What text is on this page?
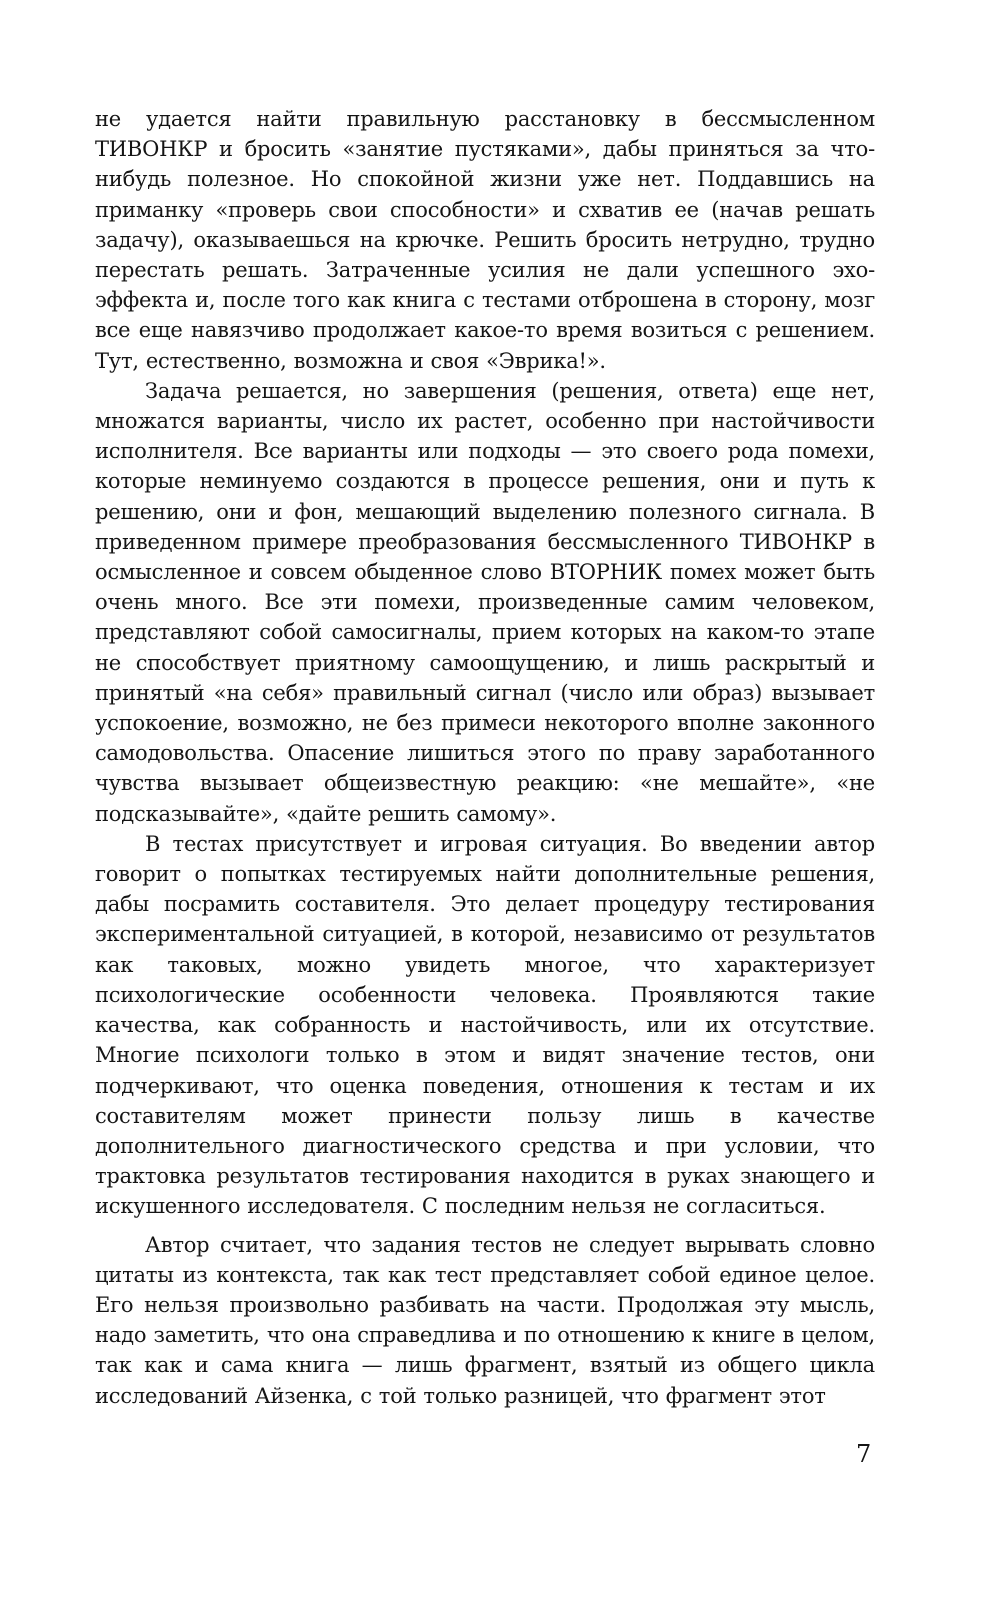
не удается найти правильную расстановку в бессмысленном ТИВОНКР и бросить «занятие пустяками», дабы приняться за что-нибудь полезное. Но спокойной жизни уже нет. Поддавшись на приманку «проверь свои способности» и схватив ее (начав решать задачу), оказываешься на крючке. Решить бросить нетрудно, трудно перестать решать. Затраченные усилия не дали успешного эхо-эффекта и, после того как книга с тестами отброшена в сторону, мозг все еще навязчиво продолжает какое-то время возиться с решением. Тут, естественно, возможна и своя «Эврика!».

Задача решается, но завершения (решения, ответа) еще нет, множатся варианты, число их растет, особенно при настойчивости исполнителя. Все варианты или подходы — это своего рода помехи, которые неминуемо создаются в процессе решения, они и путь к решению, они и фон, мешающий выделению полезного сигнала. В приведенном примере преобразования бессмысленного ТИВОНКР в осмысленное и совсем обыденное слово ВТОРНИК помех может быть очень много. Все эти помехи, произведенные самим человеком, представляют собой самосигналы, прием которых на каком-то этапе не способствует приятному самоощущению, и лишь раскрытый и принятый «на себя» правильный сигнал (число или образ) вызывает успокоение, возможно, не без примеси некоторого вполне законного самодовольства. Опасение лишиться этого по праву заработанного чувства вызывает общеизвестную реакцию: «не мешайте», «не подсказывайте», «дайте решить самому».

В тестах присутствует и игровая ситуация. Во введении автор говорит о попытках тестируемых найти дополнительные решения, дабы посрамить составителя. Это делает процедуру тестирования экспериментальной ситуацией, в которой, независимо от результатов как таковых, можно увидеть многое, что характеризует психологические особенности человека. Проявляются такие качества, как собранность и настойчивость, или их отсутствие. Многие психологи только в этом и видят значение тестов, они подчеркивают, что оценка поведения, отношения к тестам и их составителям может принести пользу лишь в качестве дополнительного диагностического средства и при условии, что трактовка результатов тестирования находится в руках знающего и искушенного исследователя. С последним нельзя не согласиться.

Автор считает, что задания тестов не следует вырывать словно цитаты из контекста, так как тест представляет собой единое целое. Его нельзя произвольно разбивать на части. Продолжая эту мысль, надо заметить, что она справедлива и по отношению к книге в целом, так как и сама книга — лишь фрагмент, взятый из общего цикла исследований Айзенка, с той только разницей, что фрагмент этот

7
